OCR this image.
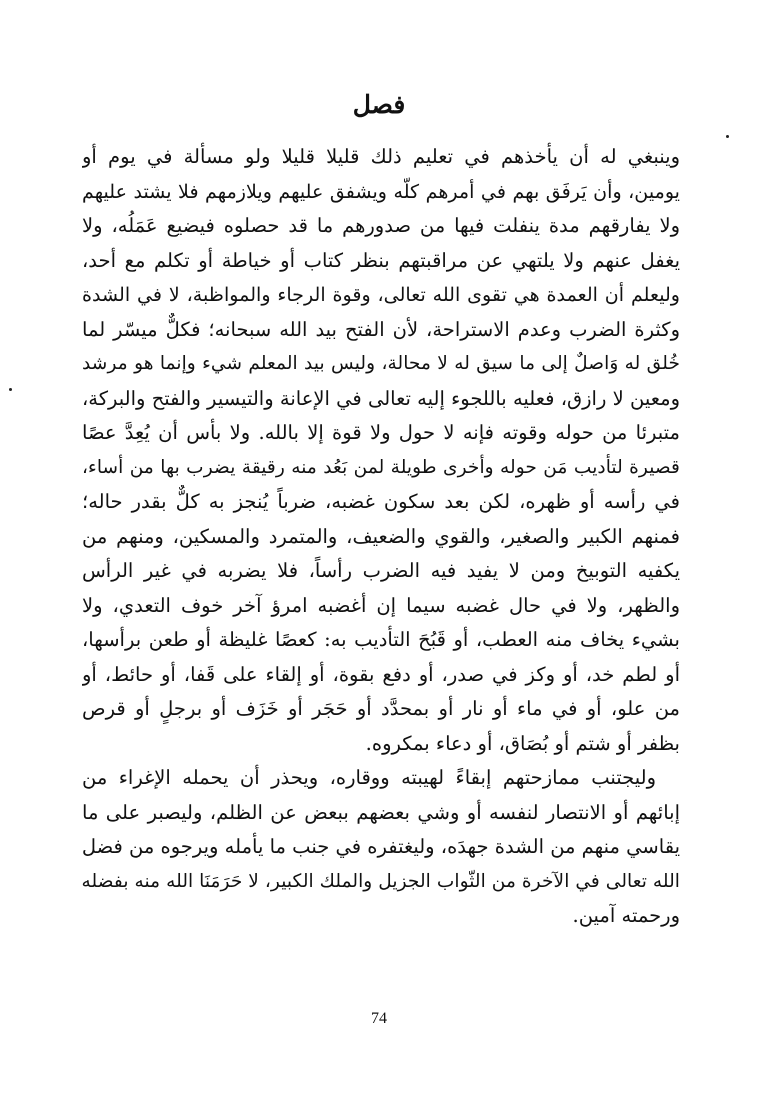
فصل
وينبغي له أن يأخذهم في تعليم ذلك قليلا قليلا ولو مسألة في يوم أو
يومين، وأن يَرفَق بهم في أمرهم كلّه ويشفق عليهم ويلازمهم فلا يشتد عليهم
ولا يفارقهم مدة ينفلت فيها من صدورهم ما قد حصلوه فيضيع عَمَلُه، ولا
يغفل عنهم ولا يلتهي عن مراقبتهم بنظر كتاب أو خياطة أو تكلم مع أحد،
وليعلم أن العمدة هي تقوى الله تعالى، وقوة الرجاء والمواظبة، لا في الشدة
وكثرة الضرب وعدم الاستراحة، لأن الفتح بيد الله سبحانه؛ فكلٌّ ميسّر لما
خُلق له وَاصلٌ إلى ما سيق له لا محالة، وليس بيد المعلم شيء وإنما هو مرشد
ومعين لا رازق، فعليه باللجوء إليه تعالى في الإعانة والتيسير والفتح والبركة،
متبرئا من حوله وقوته فإنه لا حول ولا قوة إلا بالله. ولا بأس أن يُعِدَّ عصًا
قصيرة لتأديب مَن حوله وأخرى طويلة لمن بَعُد منه رقيقة يضرب بها من أساء،
في رأسه أو ظهره، لكن بعد سكون غضبه، ضرباً يُنجز به كلٌّ بقدر حاله؛
فمنهم الكبير والصغير، والقوي والضعيف، والمتمرد والمسكين، ومنهم من
يكفيه التوبيخ ومن لا يفيد فيه الضرب رأساً، فلا يضربه في غير الرأس
والظهر، ولا في حال غضبه سيما إن أغضبه امرؤ آخر خوف التعدي، ولا
بشيء يخاف منه العطب، أو قَبُحَ التأديب به: كعصًا غليظة أو طعن برأسها،
أو لطم خد، أو وكز في صدر، أو دفع بقوة، أو إلقاء على قَفا، أو حائط، أو
من علو، أو في ماء أو نار أو بمحدَّد أو حَجَر أو خَزَف أو برجلٍ أو قرص
بظفر أو شتم أو بُصَاق، أو دعاء بمكروه.
وليجتنب ممازحتهم إبقاءً لهيبته ووقاره، ويحذر أن يحمله الإغراء من
إبائهم أو الانتصار لنفسه أو وشي بعضهم ببعض عن الظلم، وليصبر على ما
يقاسي منهم من الشدة جهدَه، وليغتفره في جنب ما يأمله ويرجوه من فضل
الله تعالى في الآخرة من الثّواب الجزيل والملك الكبير، لا حَرَمَنَا الله منه بفضله
ورحمته آمين.
74
